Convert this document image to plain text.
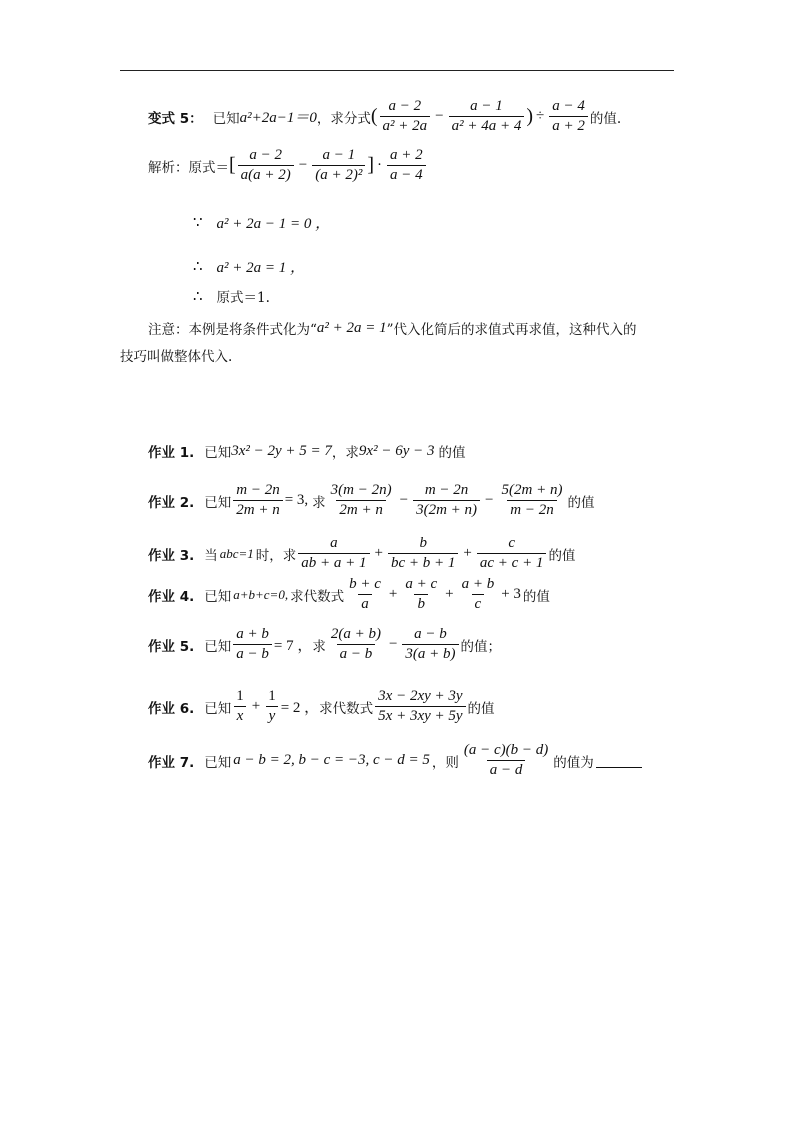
变式 5： 已知 a²+2a−1＝0 ，求分式 ( $\frac{a - 2}{\text{a² + 2a}} - \frac{a - 1}{\text{a² + 4a + 4}}$ ) ÷ $\frac{a - 4}{a + 2}$ 的值.
解析：原式＝ [ $\frac{a - 2}{a(a + 2)} - \frac{a - 1}{\text{(a + 2)²}}$ ] · $\frac{a + 2}{a - 4}$
∵ a² + 2a − 1 = 0 ，
∴ a² + 2a = 1 ，
∴ 原式＝1.
注意：本例是将条件式化为“ a² + 2a = 1 ”代入化简后的求值式再求值，这种代入的
技巧叫做整体代入.
作业 1. 已知 3x² − 2y + 5 = 7 ，求 9x² − 6y − 3 的值
作业 2. 已知 $\frac{m - 2n}{2m + n} = 3$, 求 $\frac{3(m - 2n)}{2m + n} - \frac{m - 2n}{3(2m + n)} - \frac{5(2m + n)}{m - 2n}$ 的值
作业 3. 当 abc=1 时，求 $\frac{a}{ab + a + 1} + \frac{b}{bc + b + 1} + \frac{c}{ac + c + 1}$ 的值
作业 4. 已知 a+b+c=0, 求代数式 $\frac{b + c}{a} + \frac{a + c}{b} + \frac{a + b}{c} + 3$ 的值
作业 5. 已知 $\frac{a + b}{a - b} = 7$ ， 求 $\frac{2(a + b)}{a - b} - \frac{a - b}{3(a + b)}$ 的值；
作业 6. 已知 $\frac{1}{x} + \frac{1}{y} = 2$ ， 求代数式 $\frac{3x - 2xy + 3y}{5x + 3xy + 5y}$ 的值
作业 7. 已知 a − b = 2, b − c = −3, c − d = 5 ，则 $\frac{(a - c)(b - d)}{a - d}$ 的值为
